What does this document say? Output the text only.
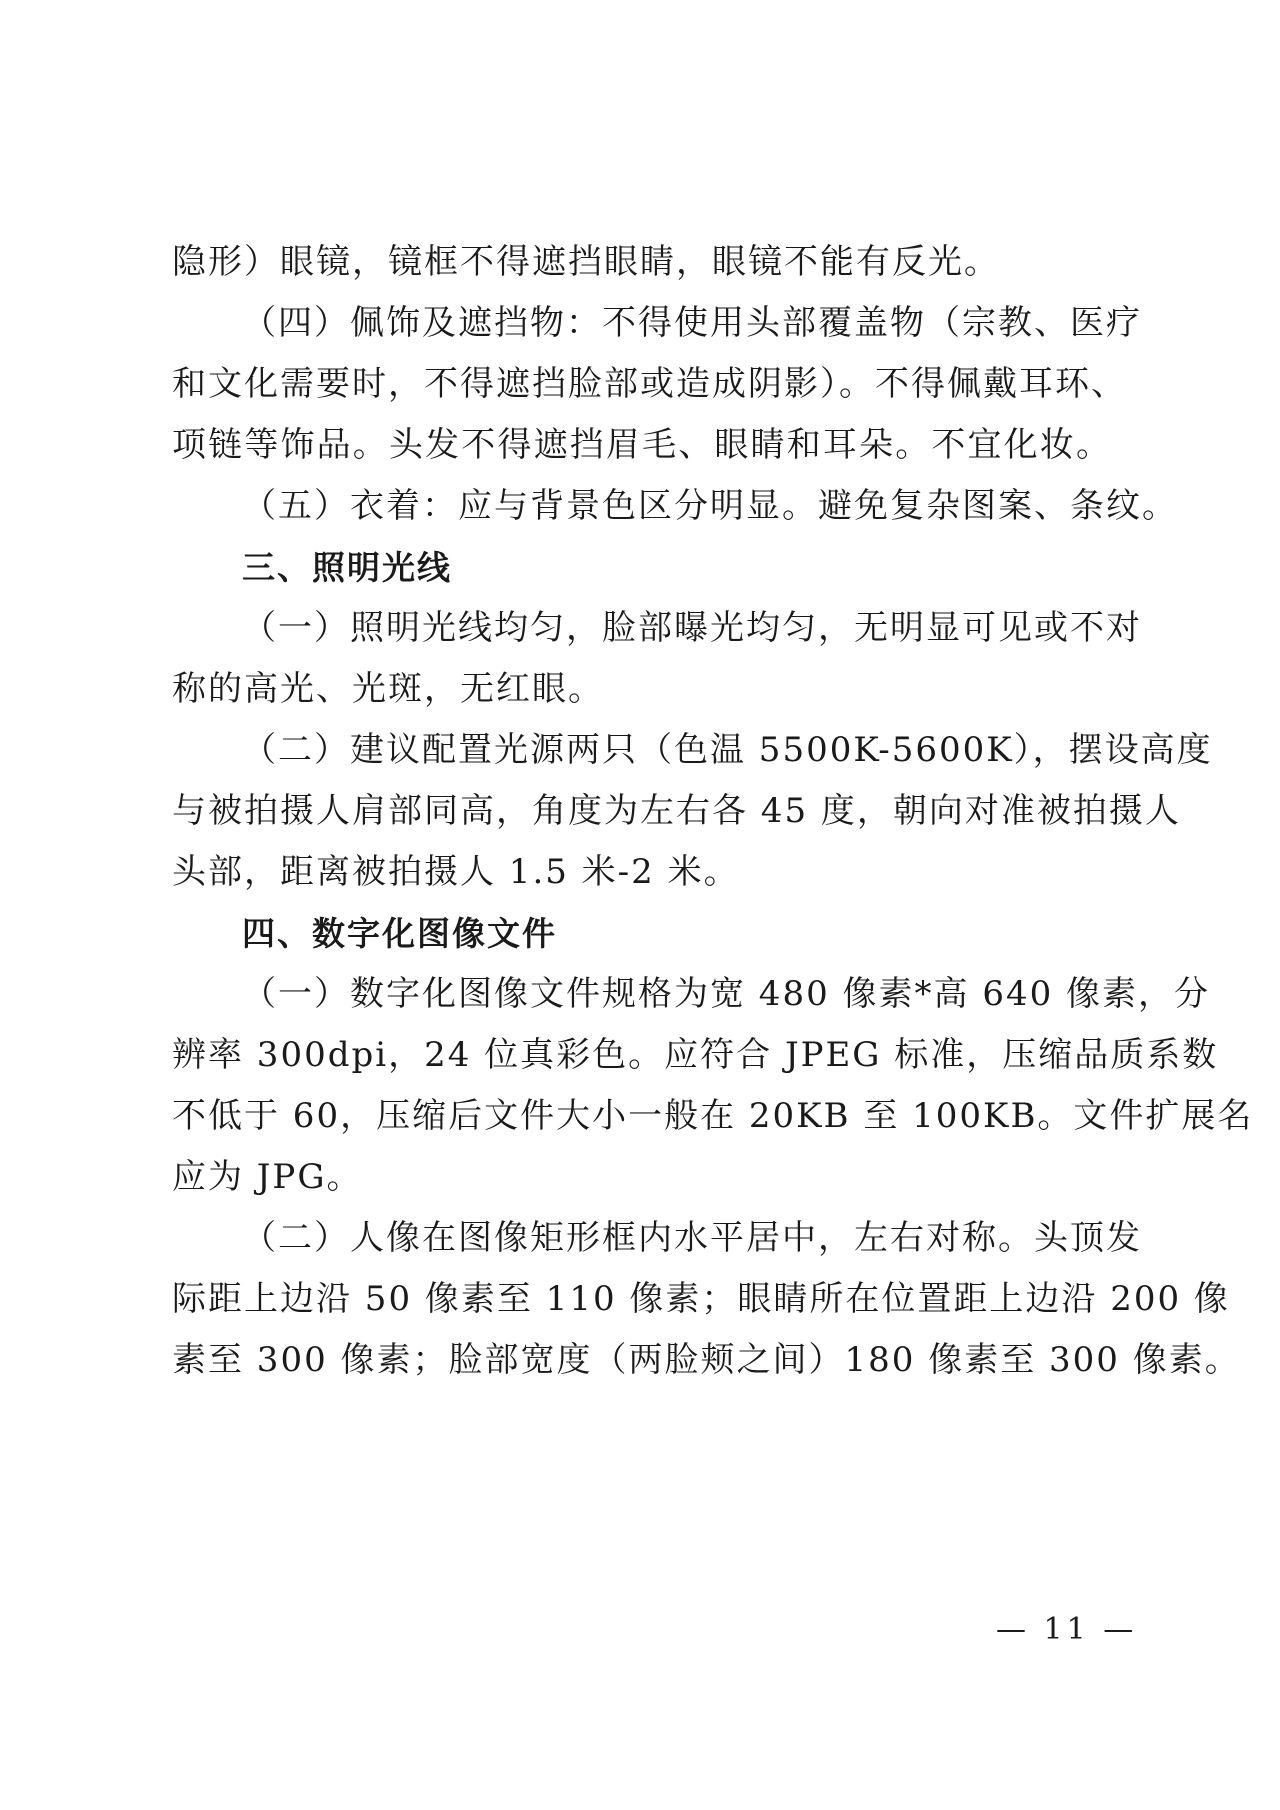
隐形）眼镜，镜框不得遮挡眼睛，眼镜不能有反光。
（四）佩饰及遮挡物：不得使用头部覆盖物（宗教、医疗
和文化需要时，不得遮挡脸部或造成阴影）。不得佩戴耳环、
项链等饰品。头发不得遮挡眉毛、眼睛和耳朵。不宜化妆。
（五）衣着：应与背景色区分明显。避免复杂图案、条纹。
三、照明光线
（一）照明光线均匀，脸部曝光均匀，无明显可见或不对
称的高光、光斑，无红眼。
（二）建议配置光源两只（色温 5500K-5600K），摆设高度
与被拍摄人肩部同高，角度为左右各 45 度，朝向对准被拍摄人
头部，距离被拍摄人 1.5 米-2 米。
四、数字化图像文件
（一）数字化图像文件规格为宽 480 像素*高 640 像素，分
辨率 300dpi，24 位真彩色。应符合 JPEG 标准，压缩品质系数
不低于 60，压缩后文件大小一般在 20KB 至 100KB。文件扩展名
应为 JPG。
（二）人像在图像矩形框内水平居中，左右对称。头顶发
际距上边沿 50 像素至 110 像素；眼睛所在位置距上边沿 200 像
素至 300 像素；脸部宽度（两脸颊之间）180 像素至 300 像素。
— 11 —
